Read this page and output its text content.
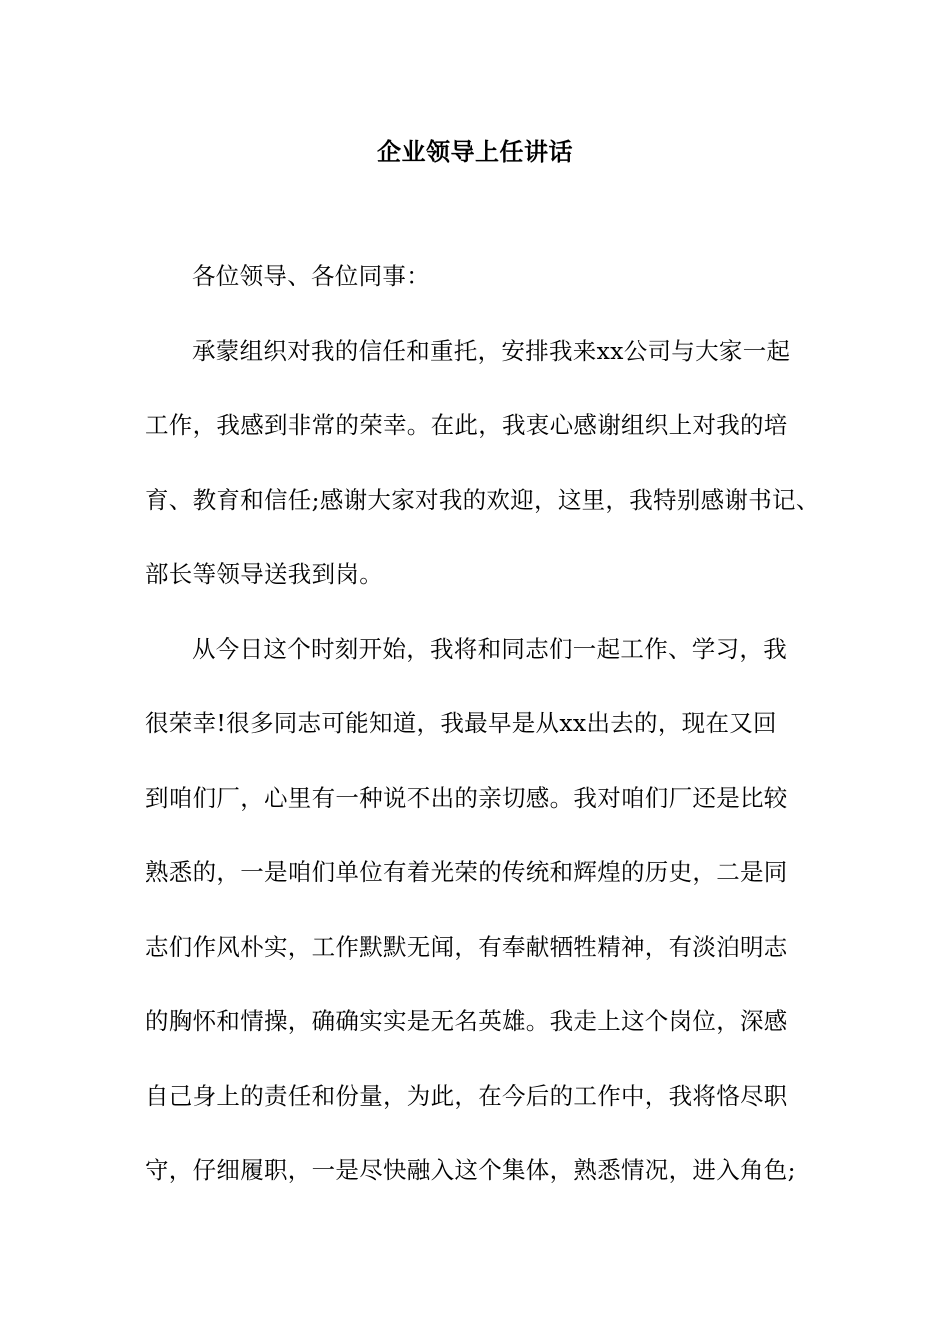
企业领导上任讲话
各位领导、各位同事：
承蒙组织对我的信任和重托，安排我来xx公司与大家一起
工作，我感到非常的荣幸。在此，我衷心感谢组织上对我的培
育、教育和信任;感谢大家对我的欢迎，这里，我特别感谢书记、
部长等领导送我到岗。
从今日这个时刻开始，我将和同志们一起工作、学习，我
很荣幸!很多同志可能知道，我最早是从xx出去的，现在又回
到咱们厂，心里有一种说不出的亲切感。我对咱们厂还是比较
熟悉的，一是咱们单位有着光荣的传统和辉煌的历史，二是同
志们作风朴实，工作默默无闻，有奉献牺牲精神，有淡泊明志
的胸怀和情操，确确实实是无名英雄。我走上这个岗位，深感
自己身上的责任和份量，为此，在今后的工作中，我将恪尽职
守，仔细履职，一是尽快融入这个集体，熟悉情况，进入角色;
